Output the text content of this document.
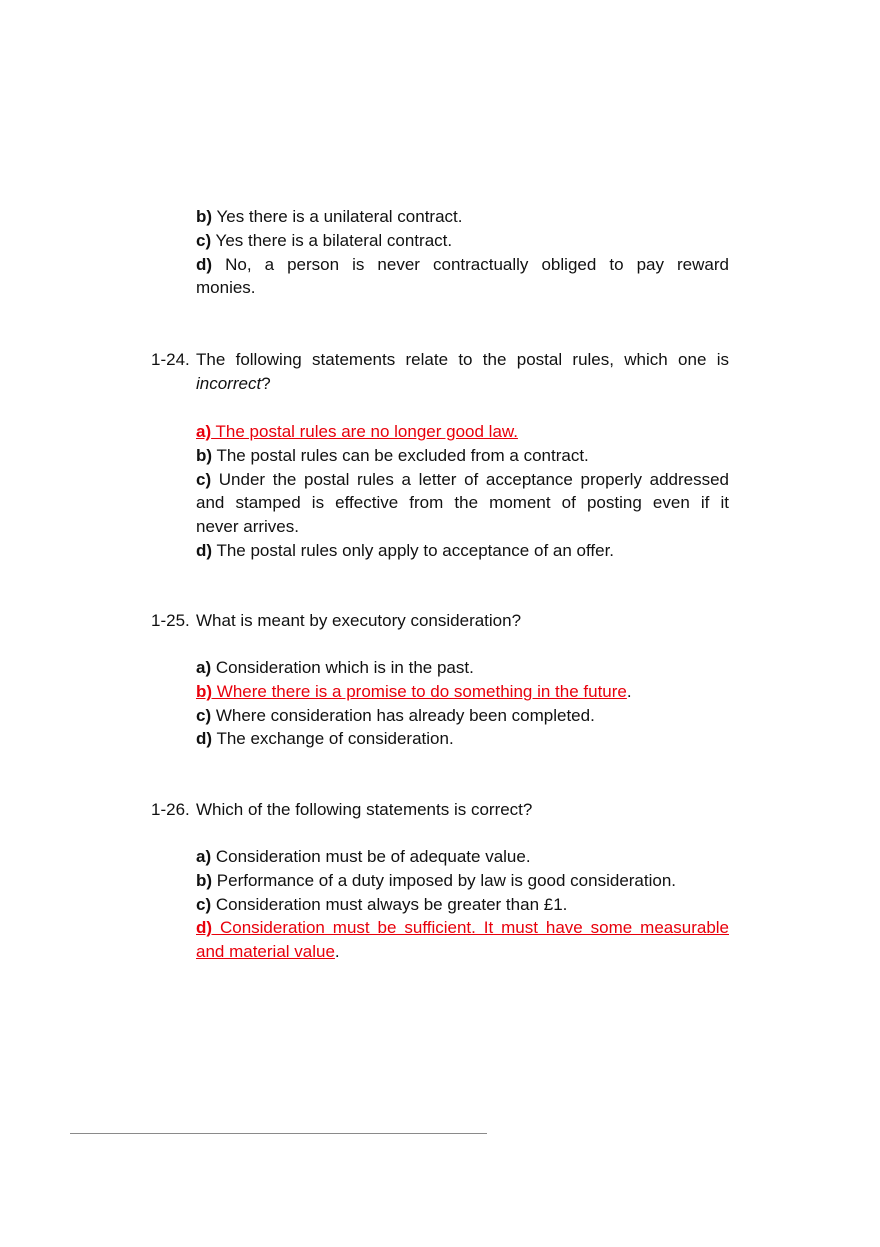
b) Yes there is a unilateral contract.
c) Yes there is a bilateral contract.
d) No, a person is never contractually obliged to pay reward
monies.
1-24. The following statements relate to the postal rules, which one is
incorrect?
a) The postal rules are no longer good law.
b) The postal rules can be excluded from a contract.
c) Under the postal rules a letter of acceptance properly addressed
and stamped is effective from the moment of posting even if it
never arrives.
d) The postal rules only apply to acceptance of an offer.
1-25. What is meant by executory consideration?
a) Consideration which is in the past.
b) Where there is a promise to do something in the future.
c) Where consideration has already been completed.
d) The exchange of consideration.
1-26. Which of the following statements is correct?
a) Consideration must be of adequate value.
b) Performance of a duty imposed by law is good consideration.
c) Consideration must always be greater than £1.
d) Consideration must be sufficient. It must have some measurable
and material value.
